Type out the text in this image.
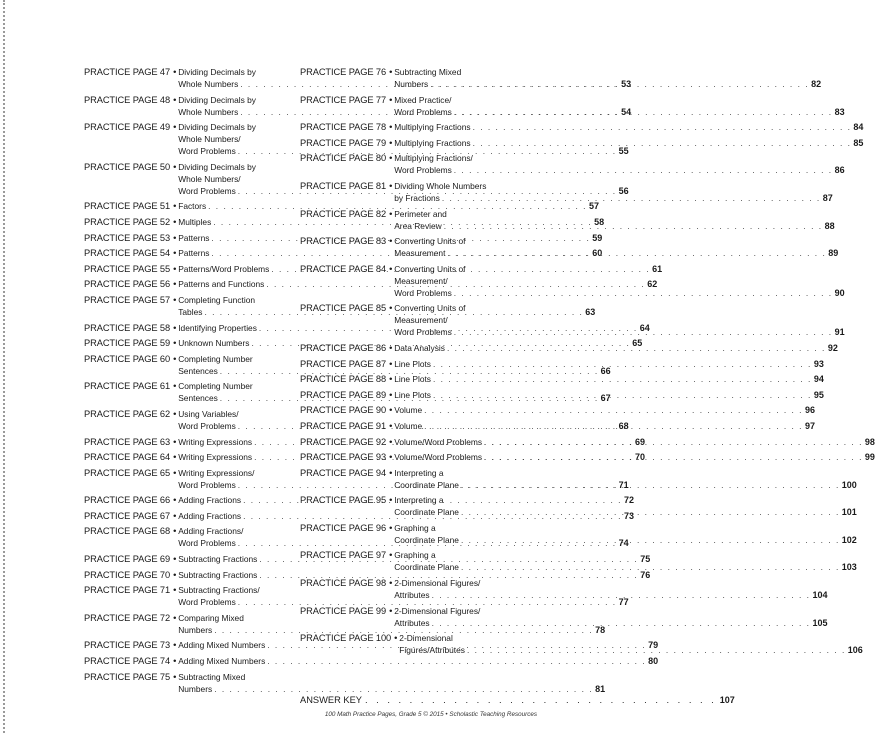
PRACTICE PAGE 47 • Dividing Decimals by
Whole Numbers . . .	53
PRACTICE PAGE 48 • Dividing Decimals by
Whole Numbers . . .	54
PRACTICE PAGE 49 • Dividing Decimals by
Whole Numbers/
Word Problems . . .	55
PRACTICE PAGE 50 • Dividing Decimals by
Whole Numbers/
Word Problems . . .	56
PRACTICE PAGE 51 • Factors . . .	57
PRACTICE PAGE 52 • Multiples . . .	58
PRACTICE PAGE 53 • Patterns . . .	59
PRACTICE PAGE 54 • Patterns . . .	60
PRACTICE PAGE 55 • Patterns/Word Problems . . .	61
PRACTICE PAGE 56 • Patterns and Functions . . .	62
PRACTICE PAGE 57 • Completing Function
Tables . . .	63
PRACTICE PAGE 58 • Identifying Properties . . .	64
PRACTICE PAGE 59 • Unknown Numbers . . .	65
PRACTICE PAGE 60 • Completing Number
Sentences . . .	66
PRACTICE PAGE 61 • Completing Number
Sentences . . .	67
PRACTICE PAGE 62 • Using Variables/
Word Problems . . .	68
PRACTICE PAGE 63 • Writing Expressions . . .	69
PRACTICE PAGE 64 • Writing Expressions . . .	70
PRACTICE PAGE 65 • Writing Expressions/
Word Problems . . .	71
PRACTICE PAGE 66 • Adding Fractions . . .	72
PRACTICE PAGE 67 • Adding Fractions . . .	73
PRACTICE PAGE 68 • Adding Fractions/
Word Problems . . .	74
PRACTICE PAGE 69 • Subtracting Fractions . . .	75
PRACTICE PAGE 70 • Subtracting Fractions . . .	76
PRACTICE PAGE 71 • Subtracting Fractions/
Word Problems . . .	77
PRACTICE PAGE 72 • Comparing Mixed
Numbers . . .	78
PRACTICE PAGE 73 • Adding Mixed Numbers . . .	79
PRACTICE PAGE 74 • Adding Mixed Numbers . . .	80
PRACTICE PAGE 75 • Subtracting Mixed
Numbers . . .	81
PRACTICE PAGE 76 • Subtracting Mixed
Numbers . . .	82
PRACTICE PAGE 77 • Mixed Practice/
Word Problems . . .	83
PRACTICE PAGE 78 • Multiplying Fractions . . .	84
PRACTICE PAGE 79 • Multiplying Fractions . . .	85
PRACTICE PAGE 80 • Multiplying Fractions/
Word Problems . . .	86
PRACTICE PAGE 81 • Dividing Whole Numbers
by Fractions . . .	87
PRACTICE PAGE 82 • Perimeter and
Area Review . . .	88
PRACTICE PAGE 83 • Converting Units of
Measurement . . .	89
PRACTICE PAGE 84 • Converting Units of
Measurement/
Word Problems . . .	90
PRACTICE PAGE 85 • Converting Units of
Measurement/
Word Problems . . .	91
PRACTICE PAGE 86 • Data Analysis . . .	92
PRACTICE PAGE 87 • Line Plots . . .	93
PRACTICE PAGE 88 • Line Plots . . .	94
PRACTICE PAGE 89 • Line Plots . . .	95
PRACTICE PAGE 90 • Volume . . .	96
PRACTICE PAGE 91 • Volume . . .	97
PRACTICE PAGE 92 • Volume/Word Problems . . .	98
PRACTICE PAGE 93 • Volume/Word Problems . . .	99
PRACTICE PAGE 94 • Interpreting a
Coordinate Plane . . .	100
PRACTICE PAGE 95 • Interpreting a
Coordinate Plane . . .	101
PRACTICE PAGE 96 • Graphing a
Coordinate Plane . . .	102
PRACTICE PAGE 97 • Graphing a
Coordinate Plane . . .	103
PRACTICE PAGE 98 • 2-Dimensional Figures/
Attributes . . .	104
PRACTICE PAGE 99 • 2-Dimensional Figures/
Attributes . . .	105
PRACTICE PAGE 100 • 2-Dimensional
Figures/Attributes . . .	106
ANSWER KEY . . .	107
100 Math Practice Pages, Grade 5 © 2015 • Scholastic Teaching Resources
